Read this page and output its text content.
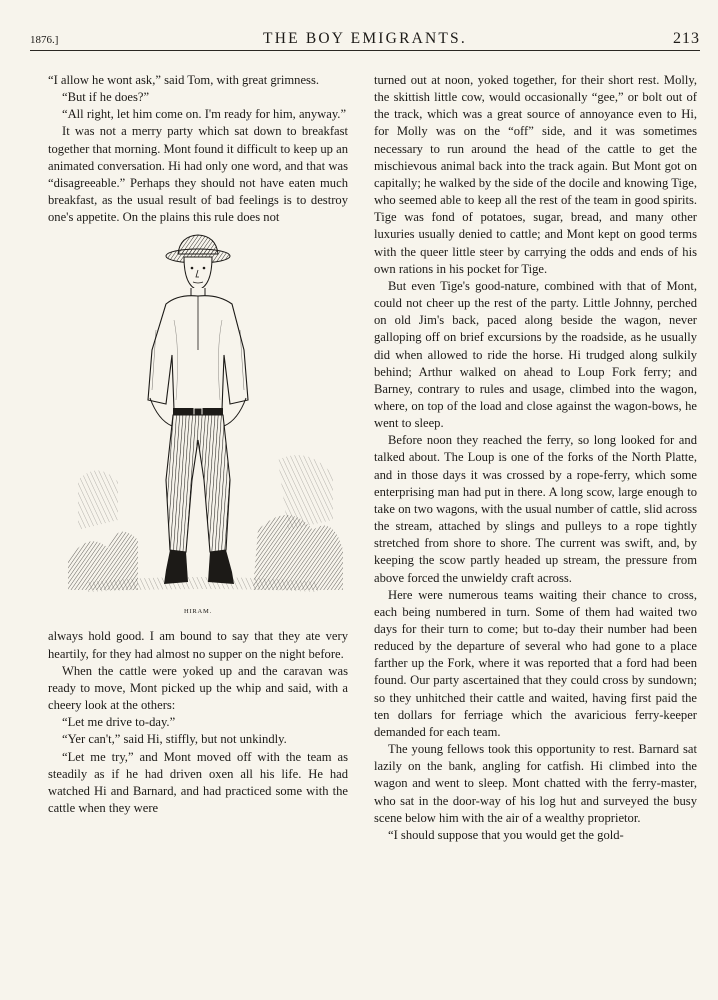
1876.]	THE BOY EMIGRANTS.	213

“I allow he wont ask,” said Tom, with great grimness.

“But if he does?”

“All right, let him come on. I'm ready for him, anyway.”

It was not a merry party which sat down to breakfast together that morning. Mont found it difficult to keep up an animated conversation. Hi had only one word, and that was “disagreeable.” Perhaps they should not have eaten much breakfast, as the usual result of bad feelings is to destroy one's appetite. On the plains this rule does not

HIRAM.

always hold good. I am bound to say that they ate very heartily, for they had almost no supper on the night before.

When the cattle were yoked up and the caravan was ready to move, Mont picked up the whip and said, with a cheery look at the others:

“Let me drive to-day.”

“Yer can't,” said Hi, stiffly, but not unkindly.

“Let me try,” and Mont moved off with the team as steadily as if he had driven oxen all his life. He had watched Hi and Barnard, and had practiced some with the cattle when they were

turned out at noon, yoked together, for their short rest. Molly, the skittish little cow, would occasionally “gee,” or bolt out of the track, which was a great source of annoyance even to Hi, for Molly was on the “off” side, and it was sometimes necessary to run around the head of the cattle to get the mischievous animal back into the track again. But Mont got on capitally; he walked by the side of the docile and knowing Tige, who seemed able to keep all the rest of the team in good spirits. Tige was fond of potatoes, sugar, bread, and many other luxuries usually denied to cattle; and Mont kept on good terms with the queer little steer by carrying the odds and ends of his own rations in his pocket for Tige.

But even Tige's good-nature, combined with that of Mont, could not cheer up the rest of the party. Little Johnny, perched on old Jim's back, paced along beside the wagon, never galloping off on brief excursions by the roadside, as he usually did when allowed to ride the horse. Hi trudged along sulkily behind; Arthur walked on ahead to Loup Fork ferry; and Barney, contrary to rules and usage, climbed into the wagon, where, on top of the load and close against the wagon-bows, he went to sleep.

Before noon they reached the ferry, so long looked for and talked about. The Loup is one of the forks of the North Platte, and in those days it was crossed by a rope-ferry, which some enterprising man had put in there. A long scow, large enough to take on two wagons, with the usual number of cattle, slid across the stream, attached by slings and pulleys to a rope tightly stretched from shore to shore. The current was swift, and, by keeping the scow partly headed up stream, the pressure from above forced the unwieldy craft across.

Here were numerous teams waiting their chance to cross, each being numbered in turn. Some of them had waited two days for their turn to come; but to-day their number had been reduced by the departure of several who had gone to a place farther up the Fork, where it was reported that a ford had been found. Our party ascertained that they could cross by sundown; so they unhitched their cattle and waited, having first paid the ten dollars for ferriage which the avaricious ferry-keeper demanded for each team.

The young fellows took this opportunity to rest. Barnard sat lazily on the bank, angling for catfish. Hi climbed into the wagon and went to sleep. Mont chatted with the ferry-master, who sat in the door-way of his log hut and surveyed the busy scene below him with the air of a wealthy proprietor.

“I should suppose that you would get the gold-
